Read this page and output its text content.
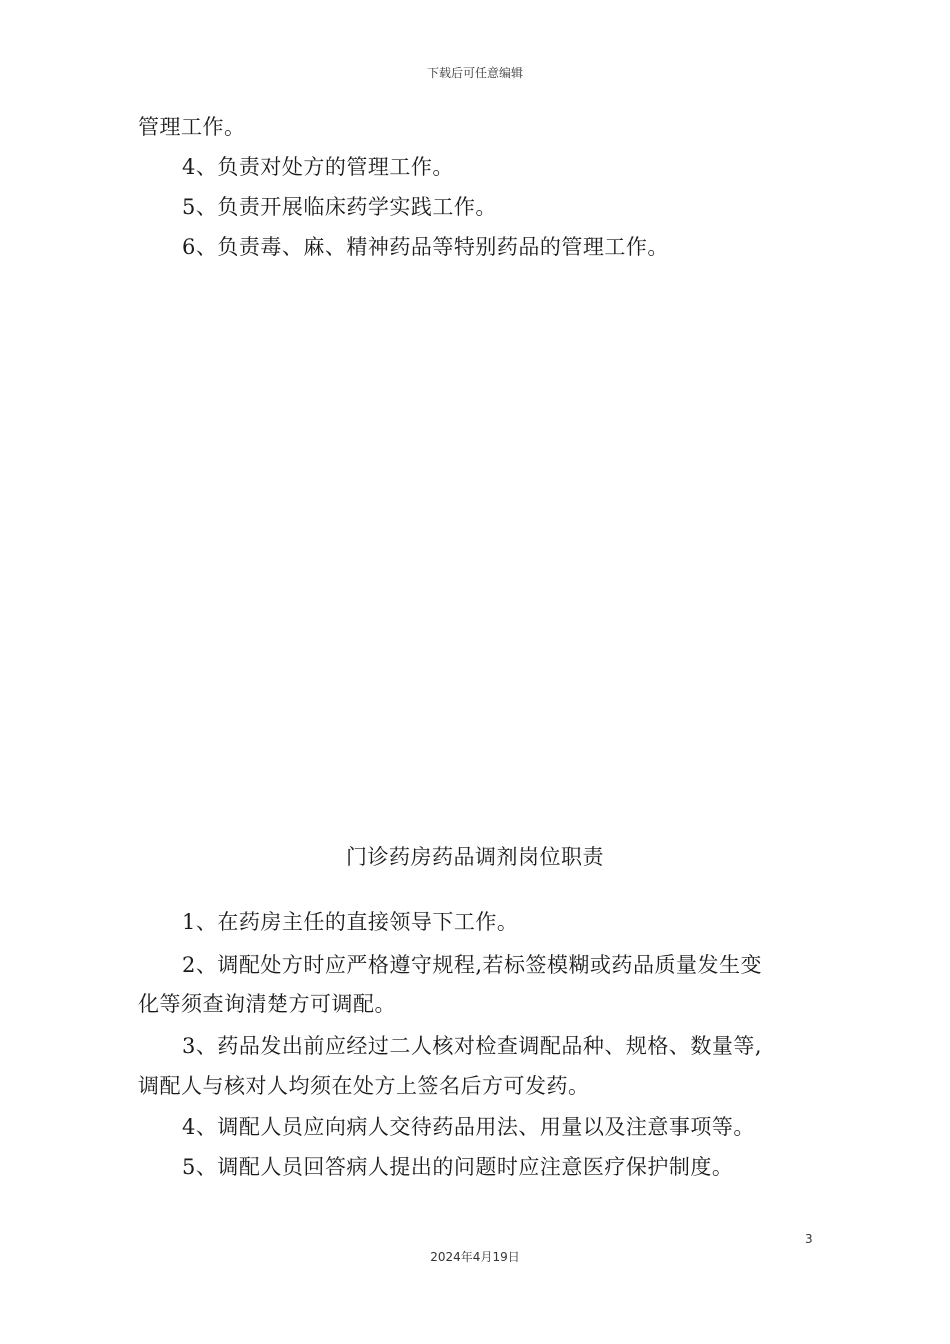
下载后可任意编辑
管理工作。
4、负责对处方的管理工作。
5、负责开展临床药学实践工作。
6、负责毒、麻、精神药品等特别药品的管理工作。
门诊药房药品调剂岗位职责
1、在药房主任的直接领导下工作。
2、调配处方时应严格遵守规程,若标签模糊或药品质量发生变
化等须查询清楚方可调配。
3、药品发出前应经过二人核对检查调配品种、规格、数量等,
调配人与核对人均须在处方上签名后方可发药。
4、调配人员应向病人交待药品用法、用量以及注意事项等。
5、调配人员回答病人提出的问题时应注意医疗保护制度。
3
2024年4月19日
